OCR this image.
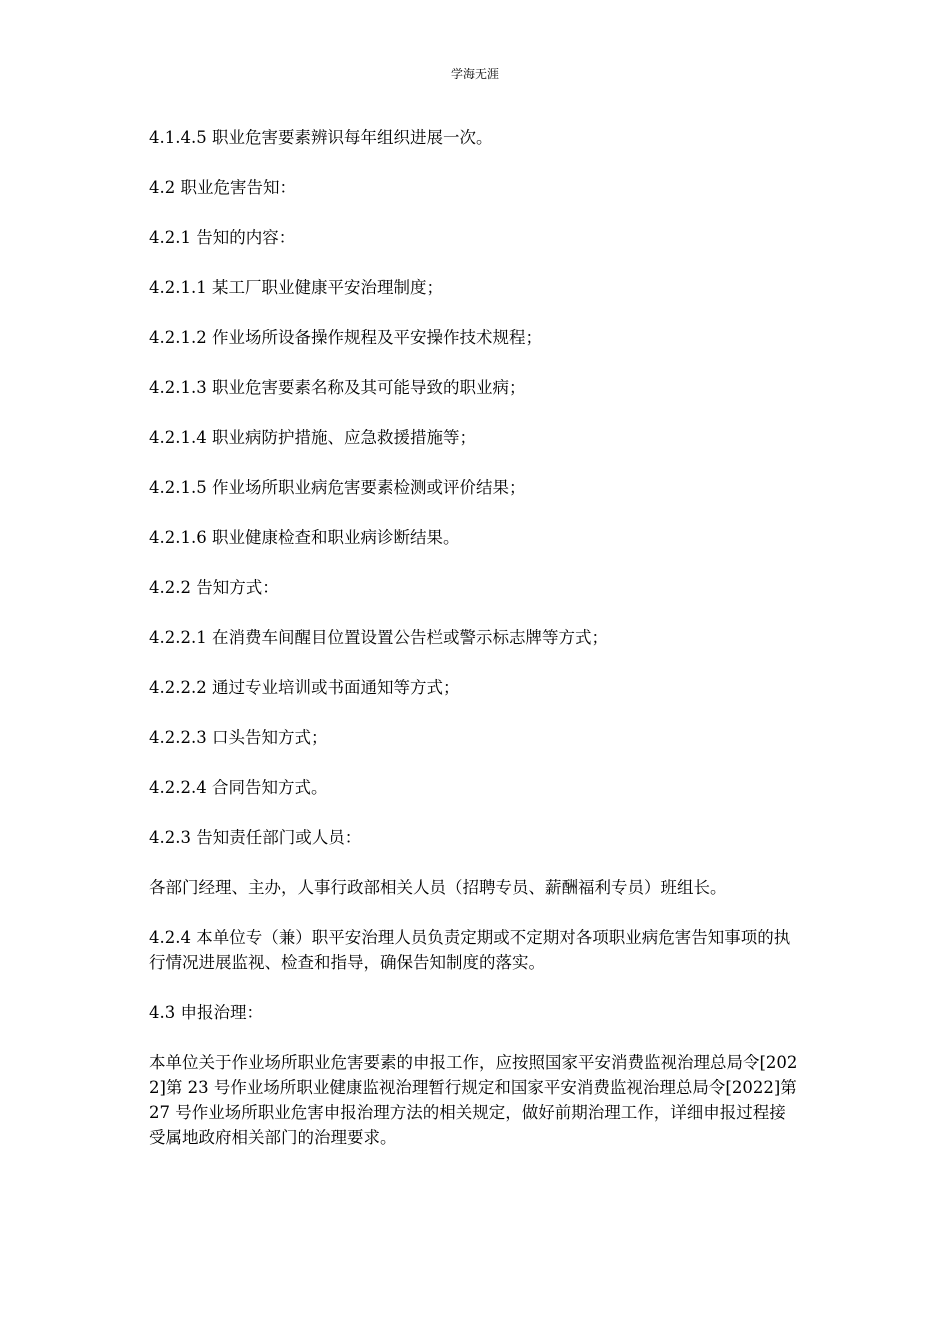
学海无涯

4.1.4.5 职业危害要素辨识每年组织进展一次。

4.2 职业危害告知：

4.2.1 告知的内容：

4.2.1.1 某工厂职业健康平安治理制度；

4.2.1.2 作业场所设备操作规程及平安操作技术规程；

4.2.1.3 职业危害要素名称及其可能导致的职业病；

4.2.1.4 职业病防护措施、应急救援措施等；

4.2.1.5 作业场所职业病危害要素检测或评价结果；

4.2.1.6 职业健康检查和职业病诊断结果。

4.2.2 告知方式：

4.2.2.1 在消费车间醒目位置设置公告栏或警示标志牌等方式；

4.2.2.2 通过专业培训或书面通知等方式；

4.2.2.3 口头告知方式；

4.2.2.4 合同告知方式。

4.2.3 告知责任部门或人员：

各部门经理、主办，人事行政部相关人员（招聘专员、薪酬福利专员）班组长。

4.2.4 本单位专（兼）职平安治理人员负责定期或不定期对各项职业病危害告知事项的执行情况进展监视、检查和指导，确保告知制度的落实。

4.3 申报治理：

本单位关于作业场所职业危害要素的申报工作，应按照国家平安消费监视治理总局令[2022]第 23 号作业场所职业健康监视治理暂行规定和国家平安消费监视治理总局令[2022]第 27 号作业场所职业危害申报治理方法的相关规定，做好前期治理工作，详细申报过程接受属地政府相关部门的治理要求。
